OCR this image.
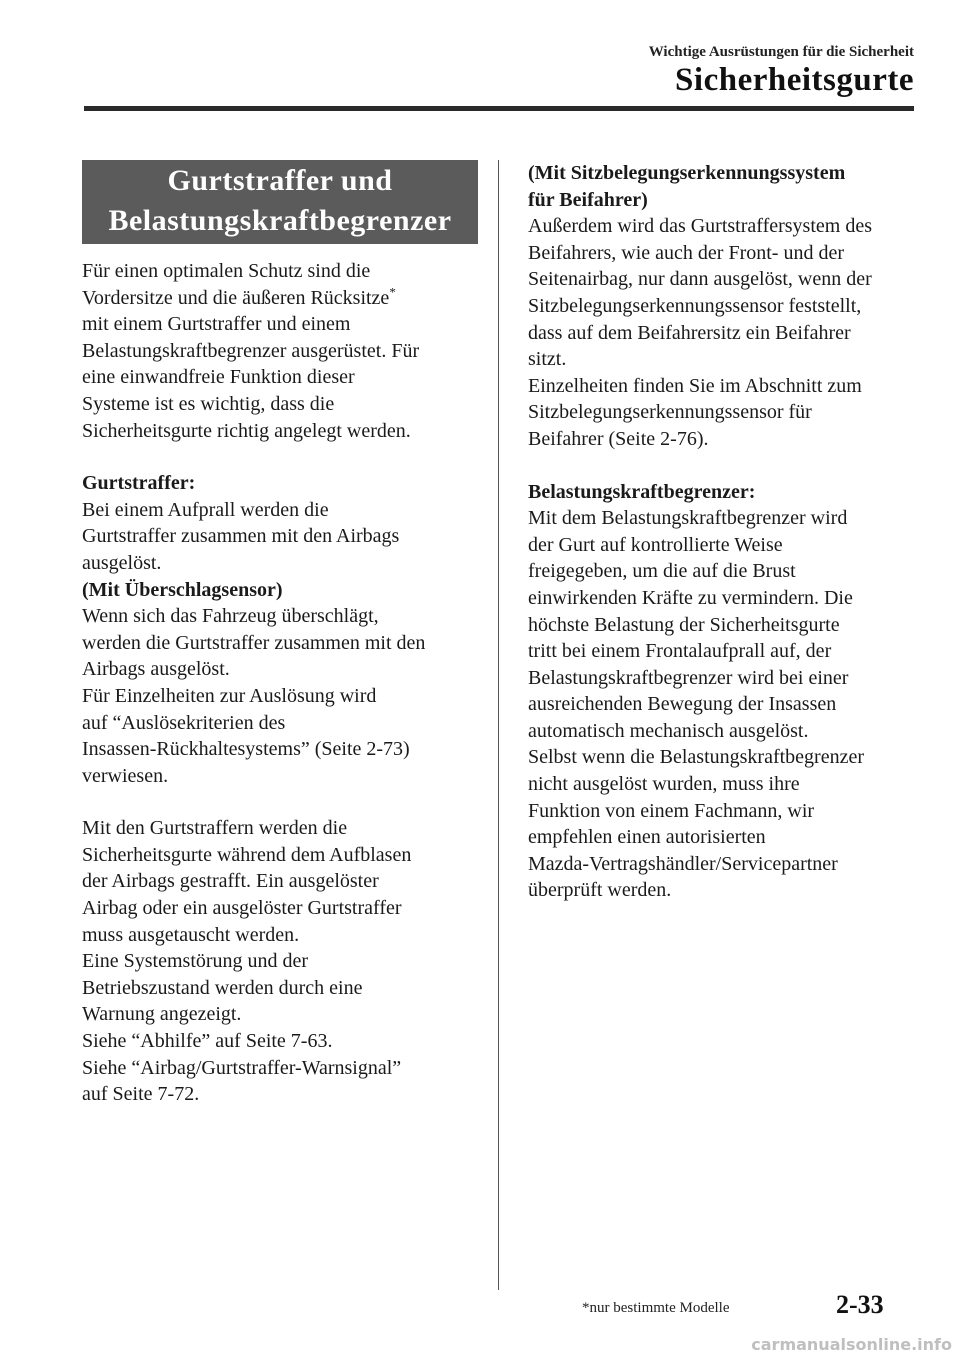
Wichtige Ausrüstungen für die Sicherheit
Sicherheitsgurte
Gurtstraffer und
Belastungskraftbegrenzer
Für einen optimalen Schutz sind die
Vordersitze und die äußeren Rücksitze*
mit einem Gurtstraffer und einem
Belastungskraftbegrenzer ausgerüstet. Für
eine einwandfreie Funktion dieser
Systeme ist es wichtig, dass die
Sicherheitsgurte richtig angelegt werden.
Gurtstraffer:
Bei einem Aufprall werden die
Gurtstraffer zusammen mit den Airbags
ausgelöst.
(Mit Überschlagsensor)
Wenn sich das Fahrzeug überschlägt,
werden die Gurtstraffer zusammen mit den
Airbags ausgelöst.
Für Einzelheiten zur Auslösung wird
auf “Auslösekriterien des
Insassen-Rückhaltesystems” (Seite 2-73)
verwiesen.
Mit den Gurtstraffern werden die
Sicherheitsgurte während dem Aufblasen
der Airbags gestrafft. Ein ausgelöster
Airbag oder ein ausgelöster Gurtstraffer
muss ausgetauscht werden.
Eine Systemstörung und der
Betriebszustand werden durch eine
Warnung angezeigt.
Siehe “Abhilfe” auf Seite 7-63.
Siehe “Airbag/Gurtstraffer-Warnsignal”
auf Seite 7-72.
(Mit Sitzbelegungserkennungssystem
für Beifahrer)
Außerdem wird das Gurtstraffersystem des
Beifahrers, wie auch der Front- und der
Seitenairbag, nur dann ausgelöst, wenn der
Sitzbelegungserkennungssensor feststellt,
dass auf dem Beifahrersitz ein Beifahrer
sitzt.
Einzelheiten finden Sie im Abschnitt zum
Sitzbelegungserkennungssensor für
Beifahrer (Seite 2-76).
Belastungskraftbegrenzer:
Mit dem Belastungskraftbegrenzer wird
der Gurt auf kontrollierte Weise
freigegeben, um die auf die Brust
einwirkenden Kräfte zu vermindern. Die
höchste Belastung der Sicherheitsgurte
tritt bei einem Frontalaufprall auf, der
Belastungskraftbegrenzer wird bei einer
ausreichenden Bewegung der Insassen
automatisch mechanisch ausgelöst.
Selbst wenn die Belastungskraftbegrenzer
nicht ausgelöst wurden, muss ihre
Funktion von einem Fachmann, wir
empfehlen einen autorisierten
Mazda-Vertragshändler/Servicepartner
überprüft werden.
*nur bestimmte Modelle	2-33
carmanualsonline.info
